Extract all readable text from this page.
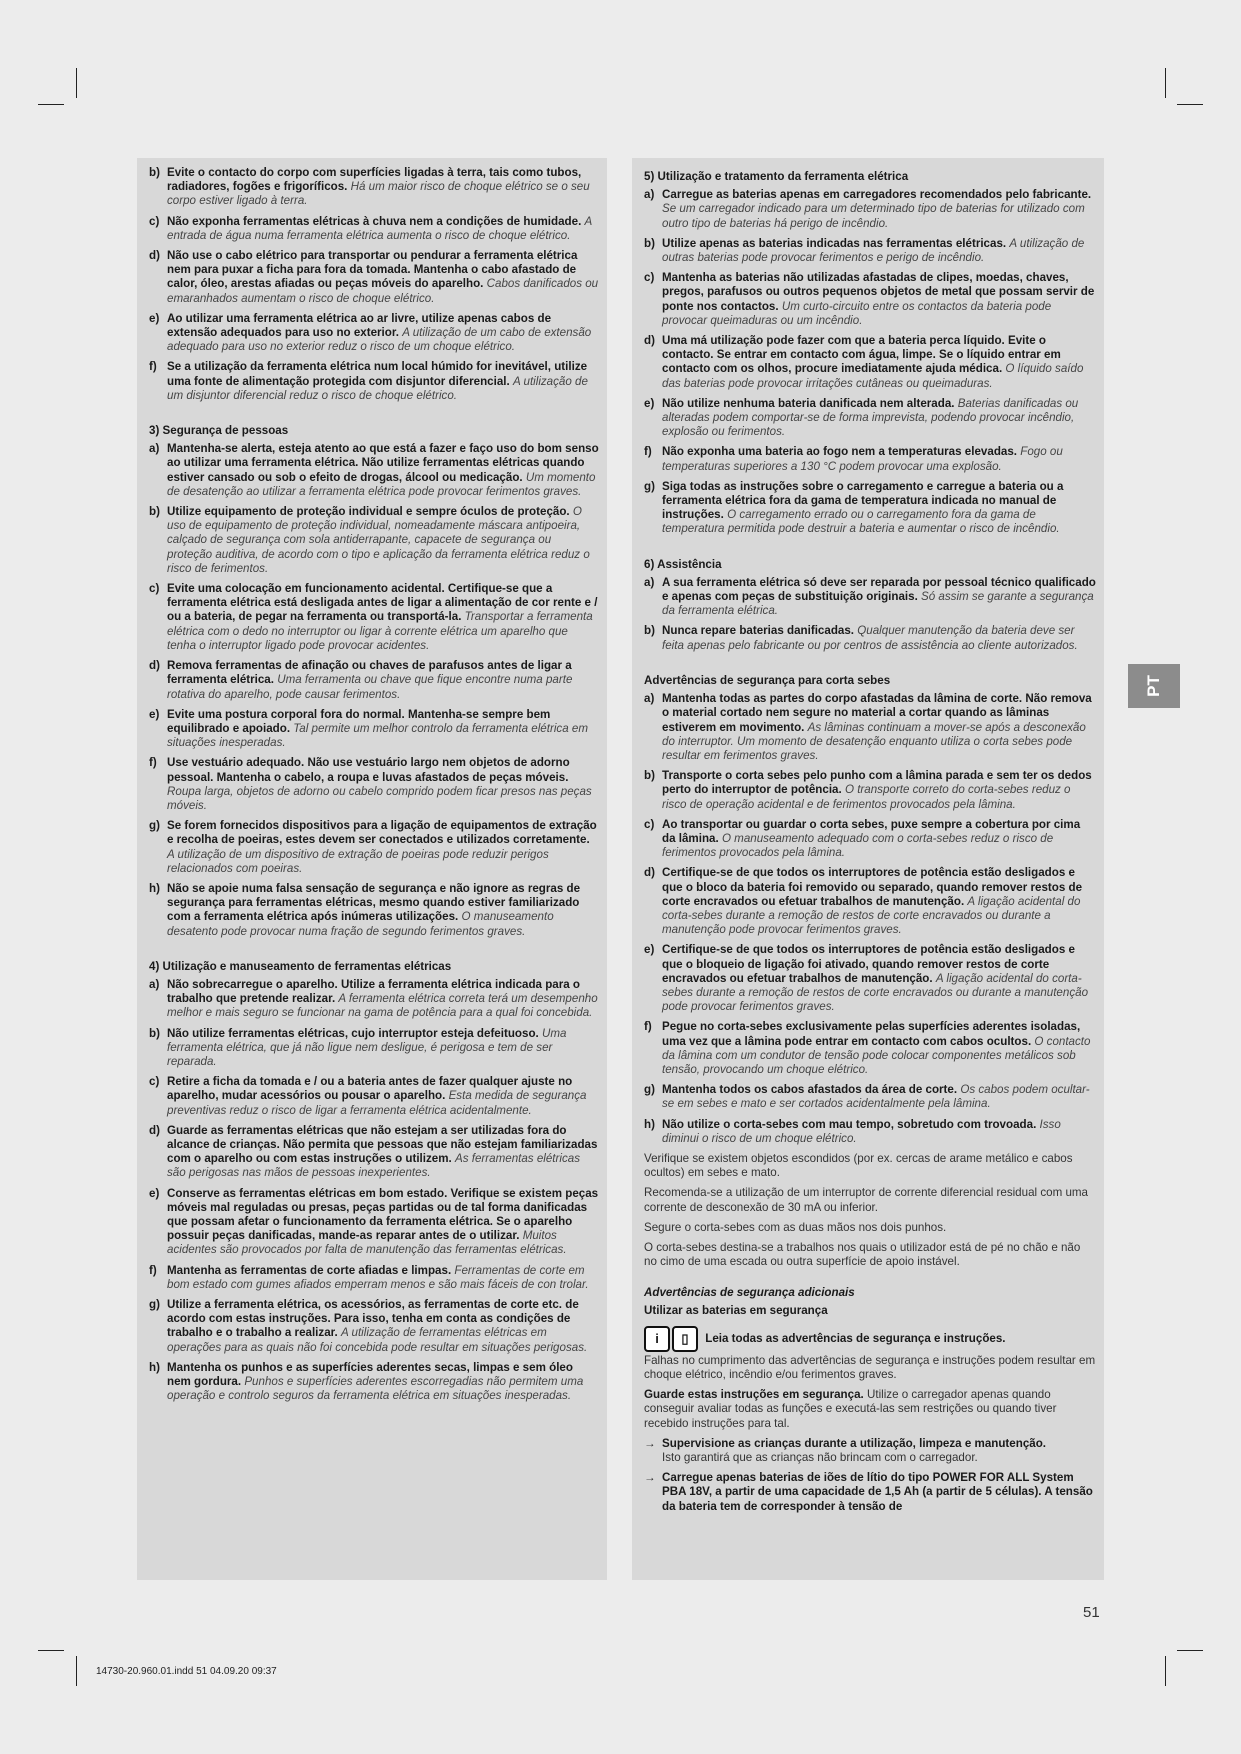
b) Evite o contacto do corpo com superfícies ligadas à terra, tais como tubos, radiadores, fogões e frigoríficos. Há um maior risco de choque elétrico se o seu corpo estiver ligado à terra.
c) Não exponha ferramentas elétricas à chuva nem a condições de humidade. A entrada de água numa ferramenta elétrica aumenta o risco de choque elétrico.
d) Não use o cabo elétrico para transportar ou pendurar a ferramenta elétrica nem para puxar a ficha para fora da tomada. Mantenha o cabo afastado de calor, óleo, arestas afiadas ou peças móveis do aparelho. Cabos danificados ou emaranhados aumentam o risco de choque elétrico.
e) Ao utilizar uma ferramenta elétrica ao ar livre, utilize apenas cabos de extensão adequados para uso no exterior. A utilização de um cabo de extensão adequado para uso no exterior reduz o risco de um choque elétrico.
f) Se a utilização da ferramenta elétrica num local húmido for inevitável, utilize uma fonte de alimentação protegida com disjuntor diferencial. A utilização de um disjuntor diferencial reduz o risco de choque elétrico.
3) Segurança de pessoas
a) Mantenha-se alerta, esteja atento ao que está a fazer e faço uso do bom senso ao utilizar uma ferramenta elétrica. Não utilize ferramentas elétricas quando estiver cansado ou sob o efeito de drogas, álcool ou medicação. Um momento de desatenção ao utilizar a ferramenta elétrica pode provocar ferimentos graves.
b) Utilize equipamento de proteção individual e sempre óculos de proteção. O uso de equipamento de proteção individual, nomeadamente máscara antipoeira, calçado de segurança com sola antiderrapante, capacete de segurança ou proteção auditiva, de acordo com o tipo e aplicação da ferramenta elétrica reduz o risco de ferimentos.
c) Evite uma colocação em funcionamento acidental. Certifique-se que a ferramenta elétrica está desligada antes de ligar a alimentação de cor rente e / ou a bateria, de pegar na ferramenta ou transportá-la. Transportar a ferramenta elétrica com o dedo no interruptor ou ligar à corrente elétrica um aparelho que tenha o interruptor ligado pode provocar acidentes.
d) Remova ferramentas de afinação ou chaves de parafusos antes de ligar a ferramenta elétrica. Uma ferramenta ou chave que fique encontre numa parte rotativa do aparelho, pode causar ferimentos.
e) Evite uma postura corporal fora do normal. Mantenha-se sempre bem equilibrado e apoiado. Tal permite um melhor controlo da ferramenta elétrica em situações inesperadas.
f) Use vestuário adequado. Não use vestuário largo nem objetos de adorno pessoal. Mantenha o cabelo, a roupa e luvas afastados de peças móveis. Roupa larga, objetos de adorno ou cabelo comprido podem ficar presos nas peças móveis.
g) Se forem fornecidos dispositivos para a ligação de equipamentos de extração e recolha de poeiras, estes devem ser conectados e utilizados corretamente. A utilização de um dispositivo de extração de poeiras pode reduzir perigos relacionados com poeiras.
h) Não se apoie numa falsa sensação de segurança e não ignore as regras de segurança para ferramentas elétricas, mesmo quando estiver familiarizado com a ferramenta elétrica após inúmeras utilizações. O manuseamento desatento pode provocar numa fração de segundo ferimentos graves.
4) Utilização e manuseamento de ferramentas elétricas
a) Não sobrecarregue o aparelho. Utilize a ferramenta elétrica indicada para o trabalho que pretende realizar. A ferramenta elétrica correta terá um desempenho melhor e mais seguro se funcionar na gama de potência para a qual foi concebida.
b) Não utilize ferramentas elétricas, cujo interruptor esteja defeituoso. Uma ferramenta elétrica, que já não ligue nem desligue, é perigosa e tem de ser reparada.
c) Retire a ficha da tomada e / ou a bateria antes de fazer qualquer ajuste no aparelho, mudar acessórios ou pousar o aparelho. Esta medida de segurança preventivas reduz o risco de ligar a ferramenta elétrica acidentalmente.
d) Guarde as ferramentas elétricas que não estejam a ser utilizadas fora do alcance de crianças. Não permita que pessoas que não estejam familiarizadas com o aparelho ou com estas instruções o utilizem. As ferramentas elétricas são perigosas nas mãos de pessoas inexperientes.
e) Conserve as ferramentas elétricas em bom estado. Verifique se existem peças móveis mal reguladas ou presas, peças partidas ou de tal forma danificadas que possam afetar o funcionamento da ferramenta elétrica. Se o aparelho possuir peças danificadas, mande-as reparar antes de o utilizar. Muitos acidentes são provocados por falta de manutenção das ferramentas elétricas.
f) Mantenha as ferramentas de corte afiadas e limpas. Ferramentas de corte em bom estado com gumes afiados emperram menos e são mais fáceis de con trolar.
g) Utilize a ferramenta elétrica, os acessórios, as ferramentas de corte etc. de acordo com estas instruções. Para isso, tenha em conta as condições de trabalho e o trabalho a realizar. A utilização de ferramentas elétricas em operações para as quais não foi concebida pode resultar em situações perigosas.
h) Mantenha os punhos e as superfícies aderentes secas, limpas e sem óleo nem gordura. Punhos e superfícies aderentes escorregadias não permitem uma operação e controlo seguros da ferramenta elétrica em situações inesperadas.
5) Utilização e tratamento da ferramenta elétrica
a) Carregue as baterias apenas em carregadores recomendados pelo fabricante. Se um carregador indicado para um determinado tipo de baterias for utilizado com outro tipo de baterias há perigo de incêndio.
b) Utilize apenas as baterias indicadas nas ferramentas elétricas. A utilização de outras baterias pode provocar ferimentos e perigo de incêndio.
c) Mantenha as baterias não utilizadas afastadas de clipes, moedas, chaves, pregos, parafusos ou outros pequenos objetos de metal que possam servir de ponte nos contactos. Um curto-circuito entre os contactos da bateria pode provocar queimaduras ou um incêndio.
d) Uma má utilização pode fazer com que a bateria perca líquido. Evite o contacto. Se entrar em contacto com água, limpe. Se o líquido entrar em contacto com os olhos, procure imediatamente ajuda médica. O líquido saído das baterias pode provocar irritações cutâneas ou queimaduras.
e) Não utilize nenhuma bateria danificada nem alterada. Baterias danificadas ou alteradas podem comportar-se de forma imprevista, podendo provocar incêndio, explosão ou ferimentos.
f) Não exponha uma bateria ao fogo nem a temperaturas elevadas. Fogo ou temperaturas superiores a 130 °C podem provocar uma explosão.
g) Siga todas as instruções sobre o carregamento e carregue a bateria ou a ferramenta elétrica fora da gama de temperatura indicada no manual de instruções. O carregamento errado ou o carregamento fora da gama de temperatura permitida pode destruir a bateria e aumentar o risco de incêndio.
6) Assistência
a) A sua ferramenta elétrica só deve ser reparada por pessoal técnico qualificado e apenas com peças de substituição originais. Só assim se garante a segurança da ferramenta elétrica.
b) Nunca repare baterias danificadas. Qualquer manutenção da bateria deve ser feita apenas pelo fabricante ou por centros de assistência ao cliente autorizados.
Advertências de segurança para corta sebes
a) Mantenha todas as partes do corpo afastadas da lâmina de corte. Não remova o material cortado nem segure no material a cortar quando as lâminas estiverem em movimento. As lâminas continuam a mover-se após a desconexão do interruptor. Um momento de desatenção enquanto utiliza o corta sebes pode resultar em ferimentos graves.
b) Transporte o corta sebes pelo punho com a lâmina parada e sem ter os dedos perto do interruptor de potência. O transporte correto do corta-sebes reduz o risco de operação acidental e de ferimentos provocados pela lâmina.
c) Ao transportar ou guardar o corta sebes, puxe sempre a cobertura por cima da lâmina. O manuseamento adequado com o corta-sebes reduz o risco de ferimentos provocados pela lâmina.
d) Certifique-se de que todos os interruptores de potência estão desligados e que o bloco da bateria foi removido ou separado, quando remover restos de corte encravados ou efetuar trabalhos de manutenção. A ligação acidental do corta-sebes durante a remoção de restos de corte encravados ou durante a manutenção pode provocar ferimentos graves.
e) Certifique-se de que todos os interruptores de potência estão desligados e que o bloqueio de ligação foi ativado, quando remover restos de corte encravados ou efetuar trabalhos de manutenção. A ligação acidental do corta-sebes durante a remoção de restos de corte encravados ou durante a manutenção pode provocar ferimentos graves.
f) Pegue no corta-sebes exclusivamente pelas superfícies aderentes isoladas, uma vez que a lâmina pode entrar em contacto com cabos ocultos. O contacto da lâmina com um condutor de tensão pode colocar componentes metálicos sob tensão, provocando um choque elétrico.
g) Mantenha todos os cabos afastados da área de corte. Os cabos podem ocultar-se em sebes e mato e ser cortados acidentalmente pela lâmina.
h) Não utilize o corta-sebes com mau tempo, sobretudo com trovoada. Isso diminui o risco de um choque elétrico.
Verifique se existem objetos escondidos (por ex. cercas de arame metálico e cabos ocultos) em sebes e mato.
Recomenda-se a utilização de um interruptor de corrente diferencial residual com uma corrente de desconexão de 30 mA ou inferior.
Segure o corta-sebes com as duas mãos nos dois punhos.
O corta-sebes destina-se a trabalhos nos quais o utilizador está de pé no chão e não no cimo de uma escada ou outra superfície de apoio instável.
Advertências de segurança adicionais
Utilizar as baterias em segurança
i	▯	Leia todas as advertências de segurança e instruções.
Falhas no cumprimento das advertências de segurança e instruções podem resultar em choque elétrico, incêndio e/ou ferimentos graves.
Guarde estas instruções em segurança. Utilize o carregador apenas quando conseguir avaliar todas as funções e executá-las sem restrições ou quando tiver recebido instruções para tal.
→ Supervisione as crianças durante a utilização, limpeza e manutenção.
Isto garantirá que as crianças não brincam com o carregador.
→ Carregue apenas baterias de iões de lítio do tipo POWER FOR ALL System PBA 18V, a partir de uma capacidade de 1,5 Ah (a partir de 5 células). A tensão da bateria tem de corresponder à tensão de
PT
51
14730-20.960.01.indd 51 04.09.20 09:37
